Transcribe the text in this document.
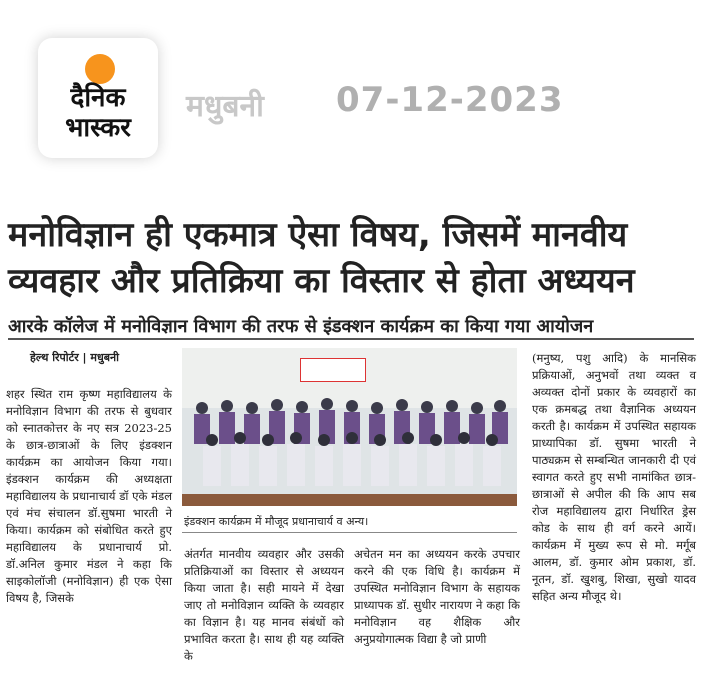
दैनिक
भास्कर
मधुबनी 07-12-2023
मनोविज्ञान ही एकमात्र ऐसा विषय, जिसमें मानवीय व्यवहार और प्रतिक्रिया का विस्तार से होता अध्ययन
आरके कॉलेज में मनोविज्ञान विभाग की तरफ से इंडक्शन कार्यक्रम का किया गया आयोजन
हेल्थ रिपोर्टर | मधुबनी
शहर स्थित राम कृष्ण महाविद्यालय के मनोविज्ञान विभाग की तरफ से बुधवार को स्नातकोत्तर के नए सत्र 2023-25 के छात्र-छात्राओं के लिए इंडक्शन कार्यक्रम का आयोजन किया गया। इंडक्शन कार्यक्रम की अध्यक्षता महाविद्यालय के प्रधानाचार्य डॉ एके मंडल एवं मंच संचालन डॉ.सुषमा भारती ने किया। कार्यक्रम को संबोधित करते हुए महाविद्यालय के प्रधानाचार्य प्रो. डॉ.अनिल कुमार मंडल ने कहा कि साइकोलॉजी (मनोविज्ञान) ही एक ऐसा विषय है, जिसके
इंडक्शन कार्यक्रम में मौजूद प्रधानाचार्य व अन्य।
अंतर्गत मानवीय व्यवहार और उसकी प्रतिक्रियाओं का विस्तार से अध्ययन किया जाता है। सही मायने में देखा जाए तो मनोविज्ञान व्यक्ति के व्यवहार का विज्ञान है। यह मानव संबंधों को प्रभावित करता है। साथ ही यह व्यक्ति के
अचेतन मन का अध्ययन करके उपचार करने की एक विधि है। कार्यक्रम में उपस्थित मनोविज्ञान विभाग के सहायक प्राध्यापक डॉ. सुधीर नारायण ने कहा कि मनोविज्ञान वह शैक्षिक और अनुप्रयोगात्मक विद्या है जो प्राणी
(मनुष्य, पशु आदि) के मानसिक प्रक्रियाओं, अनुभवों तथा व्यक्त व अव्यक्त दोनों प्रकार के व्यवहारों का एक क्रमबद्ध तथा वैज्ञानिक अध्ययन करती है। कार्यक्रम में उपस्थित सहायक प्राध्यापिका डॉ. सुषमा भारती ने पाठ्यक्रम से सम्बन्धित जानकारी दी एवं स्वागत करते हुए सभी नामांकित छात्र-छात्राओं से अपील की कि आप सब रोज महाविद्यालय द्वारा निर्धारित ड्रेस कोड के साथ ही वर्ग करने आयें। कार्यक्रम में मुख्य रूप से मो. मर्गूब आलम, डॉ. कुमार ओम प्रकाश, डॉ. नूतन, डॉ. खुशबु, शिखा, सुखो यादव सहित अन्य मौजूद थे।
